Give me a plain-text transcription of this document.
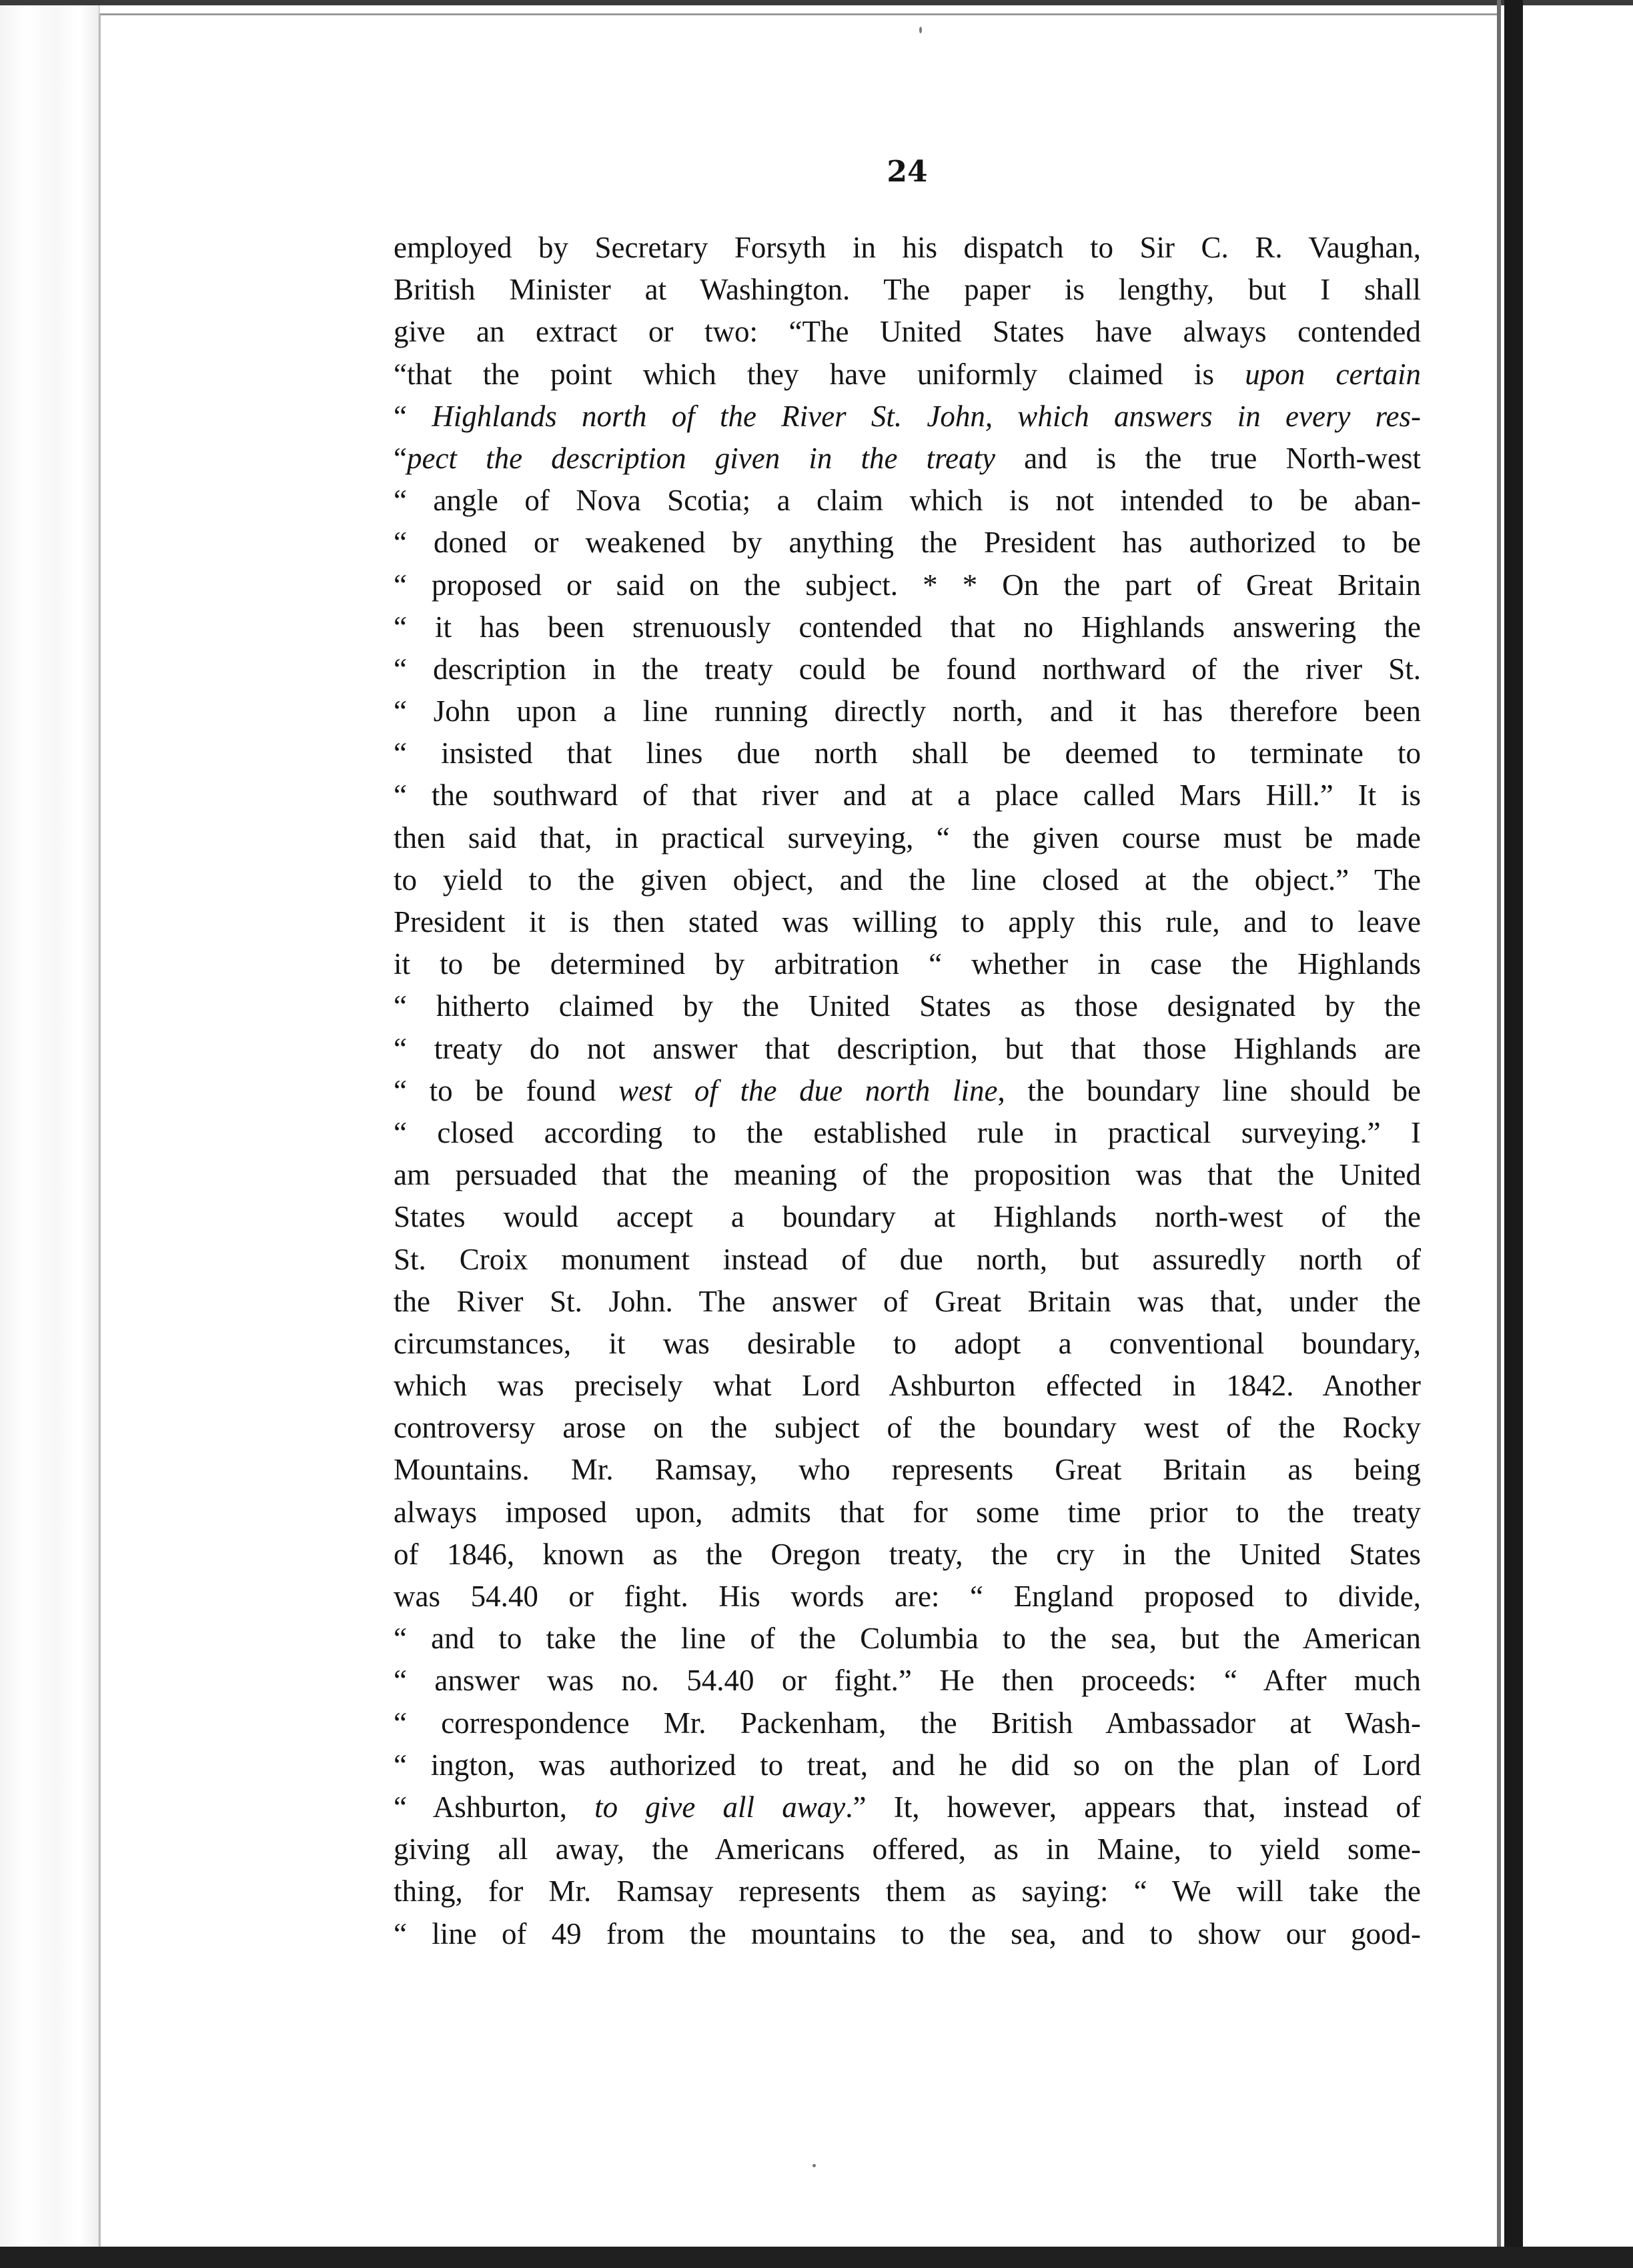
24
employed by Secretary Forsyth in his dispatch to Sir C. R. Vaughan,
British Minister at Washington. The paper is lengthy, but I shall
give an extract or two: “The United States have always contended
“that the point which they have uniformly claimed is upon certain
“ Highlands north of the River St. John, which answers in every res-
“pect the description given in the treaty and is the true North-west
“ angle of Nova Scotia; a claim which is not intended to be aban-
“ doned or weakened by anything the President has authorized to be
“ proposed or said on the subject. * * On the part of Great Britain
“ it has been strenuously contended that no Highlands answering the
“ description in the treaty could be found northward of the river St.
“ John upon a line running directly north, and it has therefore been
“ insisted that lines due north shall be deemed to terminate to
“ the southward of that river and at a place called Mars Hill.” It is
then said that, in practical surveying, “ the given course must be made
to yield to the given object, and the line closed at the object.” The
President it is then stated was willing to apply this rule, and to leave
it to be determined by arbitration “ whether in case the Highlands
“ hitherto claimed by the United States as those designated by the
“ treaty do not answer that description, but that those Highlands are
“ to be found west of the due north line, the boundary line should be
“ closed according to the established rule in practical surveying.” I
am persuaded that the meaning of the proposition was that the United
States would accept a boundary at Highlands north-west of the
St. Croix monument instead of due north, but assuredly north of
the River St. John. The answer of Great Britain was that, under the
circumstances, it was desirable to adopt a conventional boundary,
which was precisely what Lord Ashburton effected in 1842. Another
controversy arose on the subject of the boundary west of the Rocky
Mountains. Mr. Ramsay, who represents Great Britain as being
always imposed upon, admits that for some time prior to the treaty
of 1846, known as the Oregon treaty, the cry in the United States
was 54.40 or fight. His words are: “ England proposed to divide,
“ and to take the line of the Columbia to the sea, but the American
“ answer was no. 54.40 or fight.” He then proceeds: “ After much
“ correspondence Mr. Packenham, the British Ambassador at Wash-
“ ington, was authorized to treat, and he did so on the plan of Lord
“ Ashburton, to give all away.” It, however, appears that, instead of
giving all away, the Americans offered, as in Maine, to yield some-
thing, for Mr. Ramsay represents them as saying: “ We will take the
“ line of 49 from the mountains to the sea, and to show our good-
